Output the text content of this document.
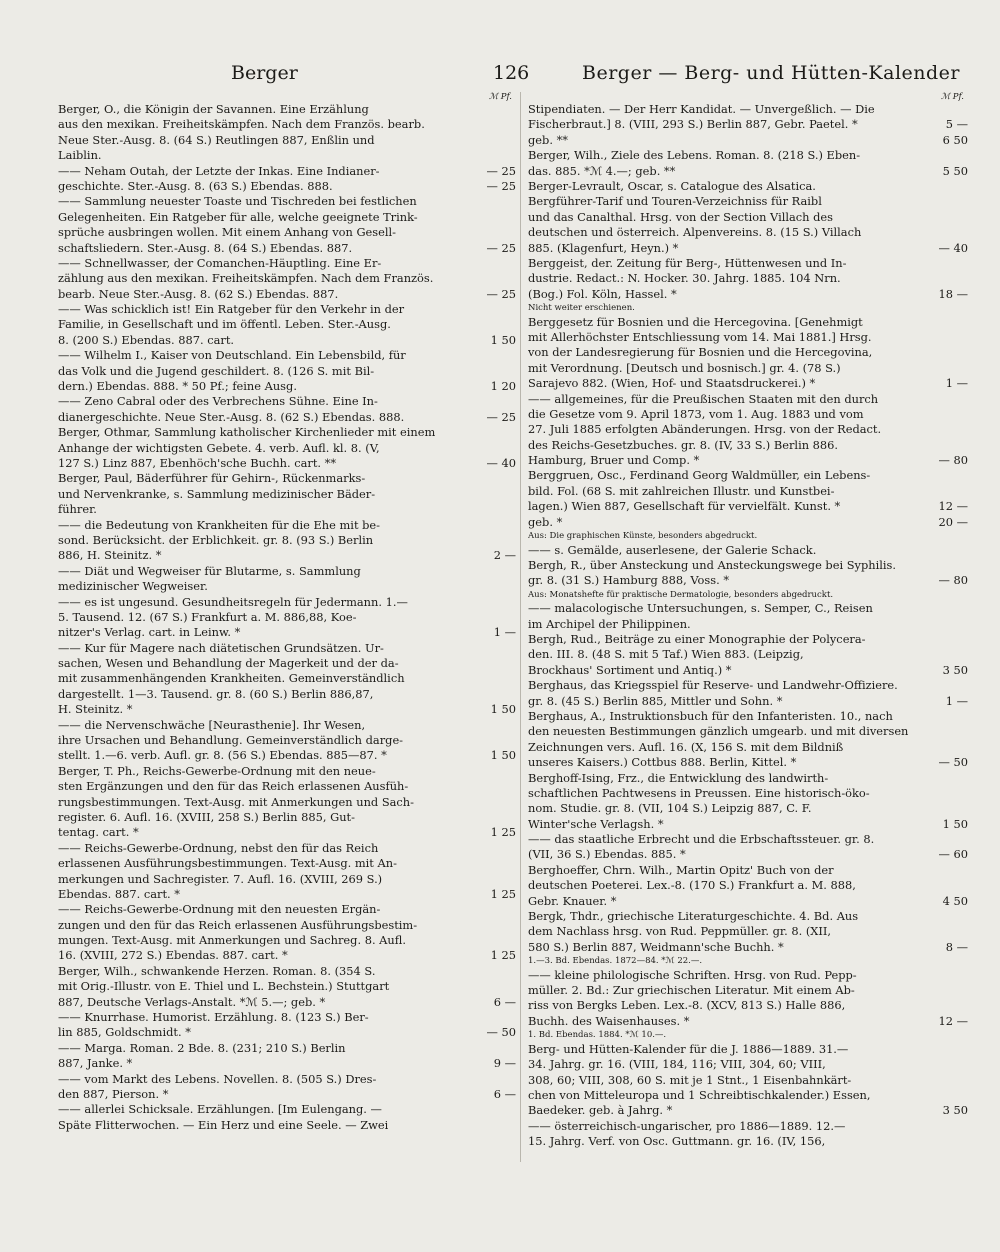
Berger	126	Berger — Berg- und Hütten-Kalender
ℳ Pf.
Berger, O., die Königin der Savannen. Eine Erzählung
aus den mexikan. Freiheitskämpfen. Nach dem Französ. bearb.
Neue Ster.-Ausg. 8. (64 S.) Reutlingen 887, Enßlin und
Laiblin.
—— Neham Outah, der Letzte der Inkas. Eine Indianer-	— 25
geschichte. Ster.-Ausg. 8. (63 S.) Ebendas. 888.	— 25
—— Sammlung neuester Toaste und Tischreden bei festlichen
Gelegenheiten. Ein Ratgeber für alle, welche geeignete Trink-
sprüche ausbringen wollen. Mit einem Anhang von Gesell-
schaftsliedern. Ster.-Ausg. 8. (64 S.) Ebendas. 887.	— 25
—— Schnellwasser, der Comanchen-Häuptling. Eine Er-
zählung aus den mexikan. Freiheitskämpfen. Nach dem Französ.
bearb. Neue Ster.-Ausg. 8. (62 S.) Ebendas. 887.	— 25
—— Was schicklich ist! Ein Ratgeber für den Verkehr in der
Familie, in Gesellschaft und im öffentl. Leben. Ster.-Ausg.
8. (200 S.) Ebendas. 887. cart.	1 50
—— Wilhelm I., Kaiser von Deutschland. Ein Lebensbild, für
das Volk und die Jugend geschildert. 8. (126 S. mit Bil-
dern.) Ebendas. 888. * 50 Pf.; feine Ausg.	1 20
—— Zeno Cabral oder des Verbrechens Sühne. Eine In-
dianergeschichte. Neue Ster.-Ausg. 8. (62 S.) Ebendas. 888.	— 25
Berger, Othmar, Sammlung katholischer Kirchenlieder mit einem
Anhange der wichtigsten Gebete. 4. verb. Aufl. kl. 8. (V,
127 S.) Linz 887, Ebenhöch'sche Buchh. cart. **	— 40
Berger, Paul, Bäderführer für Gehirn-, Rückenmarks-
und Nervenkranke, s. Sammlung medizinischer Bäder-
führer.
—— die Bedeutung von Krankheiten für die Ehe mit be-
sond. Berücksicht. der Erblichkeit. gr. 8. (93 S.) Berlin
886, H. Steinitz. *	2 —
—— Diät und Wegweiser für Blutarme, s. Sammlung
medizinischer Wegweiser.
—— es ist ungesund. Gesundheitsregeln für Jedermann. 1.—
5. Tausend. 12. (67 S.) Frankfurt a. M. 886,88, Koe-
nitzer's Verlag. cart. in Leinw. *	1 —
—— Kur für Magere nach diätetischen Grundsätzen. Ur-
sachen, Wesen und Behandlung der Magerkeit und der da-
mit zusammenhängenden Krankheiten. Gemeinverständlich
dargestellt. 1—3. Tausend. gr. 8. (60 S.) Berlin 886,87,
H. Steinitz. *	1 50
—— die Nervenschwäche [Neurasthenie]. Ihr Wesen,
ihre Ursachen und Behandlung. Gemeinverständlich darge-
stellt. 1.—6. verb. Aufl. gr. 8. (56 S.) Ebendas. 885—87. *	1 50
Berger, T. Ph., Reichs-Gewerbe-Ordnung mit den neue-
sten Ergänzungen und den für das Reich erlassenen Ausfüh-
rungsbestimmungen. Text-Ausg. mit Anmerkungen und Sach-
register. 6. Aufl. 16. (XVIII, 258 S.) Berlin 885, Gut-
tentag. cart. *	1 25
—— Reichs-Gewerbe-Ordnung, nebst den für das Reich
erlassenen Ausführungsbestimmungen. Text-Ausg. mit An-
merkungen und Sachregister. 7. Aufl. 16. (XVIII, 269 S.)
Ebendas. 887. cart. *	1 25
—— Reichs-Gewerbe-Ordnung mit den neuesten Ergän-
zungen und den für das Reich erlassenen Ausführungsbestim-
mungen. Text-Ausg. mit Anmerkungen und Sachreg. 8. Aufl.
16. (XVIII, 272 S.) Ebendas. 887. cart. *	1 25
Berger, Wilh., schwankende Herzen. Roman. 8. (354 S.
mit Orig.-Illustr. von E. Thiel und L. Bechstein.) Stuttgart
887, Deutsche Verlags-Anstalt. *ℳ 5.—; geb. *	6 —
—— Knurrhase. Humorist. Erzählung. 8. (123 S.) Ber-
lin 885, Goldschmidt. *	— 50
—— Marga. Roman. 2 Bde. 8. (231; 210 S.) Berlin
887, Janke. *	9 —
—— vom Markt des Lebens. Novellen. 8. (505 S.) Dres-
den 887, Pierson. *	6 —
—— allerlei Schicksale. Erzählungen. [Im Eulengang. —
Späte Flitterwochen. — Ein Herz und eine Seele. — Zwei
ℳ Pf.
Stipendiaten. — Der Herr Kandidat. — Unvergeßlich. — Die
Fischerbraut.] 8. (VIII, 293 S.) Berlin 887, Gebr. Paetel. *	5 —
geb. **	6 50
Berger, Wilh., Ziele des Lebens. Roman. 8. (218 S.) Eben-
das. 885. *ℳ 4.—; geb. **	5 50
Berger-Levrault, Oscar, s. Catalogue des Alsatica.
Bergführer-Tarif und Touren-Verzeichniss für Raibl
und das Canalthal. Hrsg. von der Section Villach des
deutschen und österreich. Alpenvereins. 8. (15 S.) Villach
885. (Klagenfurt, Heyn.) *	— 40
Berggeist, der. Zeitung für Berg-, Hüttenwesen und In-
dustrie. Redact.: N. Hocker. 30. Jahrg. 1885. 104 Nrn.
(Bog.) Fol. Köln, Hassel. *	18 —
Nicht weiter erschienen.
Berggesetz für Bosnien und die Hercegovina. [Genehmigt
mit Allerhöchster Entschliessung vom 14. Mai 1881.] Hrsg.
von der Landesregierung für Bosnien und die Hercegovina,
mit Verordnung. [Deutsch und bosnisch.] gr. 4. (78 S.)
Sarajevo 882. (Wien, Hof- und Staatsdruckerei.) *	1 —
—— allgemeines, für die Preußischen Staaten mit den durch
die Gesetze vom 9. April 1873, vom 1. Aug. 1883 und vom
27. Juli 1885 erfolgten Abänderungen. Hrsg. von der Redact.
des Reichs-Gesetzbuches. gr. 8. (IV, 33 S.) Berlin 886.
Hamburg, Bruer und Comp. *	— 80
Berggruen, Osc., Ferdinand Georg Waldmüller, ein Lebens-
bild. Fol. (68 S. mit zahlreichen Illustr. und Kunstbei-
lagen.) Wien 887, Gesellschaft für vervielfält. Kunst. *	12 —
geb. *	20 —
Aus: Die graphischen Künste, besonders abgedruckt.
—— s. Gemälde, auserlesene, der Galerie Schack.
Bergh, R., über Ansteckung und Ansteckungswege bei Syphilis.
gr. 8. (31 S.) Hamburg 888, Voss. *	— 80
Aus: Monatshefte für praktische Dermatologie, besonders abgedruckt.
—— malacologische Untersuchungen, s. Semper, C., Reisen
im Archipel der Philippinen.
Bergh, Rud., Beiträge zu einer Monographie der Polycera-
den. III. 8. (48 S. mit 5 Taf.) Wien 883. (Leipzig,
Brockhaus' Sortiment und Antiq.) *	3 50
Berghaus, das Kriegsspiel für Reserve- und Landwehr-Offiziere.
gr. 8. (45 S.) Berlin 885, Mittler und Sohn. *	1 —
Berghaus, A., Instruktionsbuch für den Infanteristen. 10., nach
den neuesten Bestimmungen gänzlich umgearb. und mit diversen
Zeichnungen vers. Aufl. 16. (X, 156 S. mit dem Bildniß
unseres Kaisers.) Cottbus 888. Berlin, Kittel. *	— 50
Berghoff-Ising, Frz., die Entwicklung des landwirth-
schaftlichen Pachtwesens in Preussen. Eine historisch-öko-
nom. Studie. gr. 8. (VII, 104 S.) Leipzig 887, C. F.
Winter'sche Verlagsh. *	1 50
—— das staatliche Erbrecht und die Erbschaftssteuer. gr. 8.
(VII, 36 S.) Ebendas. 885. *	— 60
Berghoeffer, Chrn. Wilh., Martin Opitz' Buch von der
deutschen Poeterei. Lex.-8. (170 S.) Frankfurt a. M. 888,
Gebr. Knauer. *	4 50
Bergk, Thdr., griechische Literaturgeschichte. 4. Bd. Aus
dem Nachlass hrsg. von Rud. Peppmüller. gr. 8. (XII,
580 S.) Berlin 887, Weidmann'sche Buchh. *	8 —
1.—3. Bd. Ebendas. 1872—84. *ℳ 22.—.
—— kleine philologische Schriften. Hrsg. von Rud. Pepp-
müller. 2. Bd.: Zur griechischen Literatur. Mit einem Ab-
riss von Bergks Leben. Lex.-8. (XCV, 813 S.) Halle 886,
Buchh. des Waisenhauses. *	12 —
1. Bd. Ebendas. 1884. *ℳ 10.—.
Berg- und Hütten-Kalender für die J. 1886—1889. 31.—
34. Jahrg. gr. 16. (VIII, 184, 116; VIII, 304, 60; VIII,
308, 60; VIII, 308, 60 S. mit je 1 Stnt., 1 Eisenbahnkärt-
chen von Mitteleuropa und 1 Schreibtischkalender.) Essen,
Baedeker. geb. à Jahrg. *	3 50
—— österreichisch-ungarischer, pro 1886—1889. 12.—
15. Jahrg. Verf. von Osc. Guttmann. gr. 16. (IV, 156,
